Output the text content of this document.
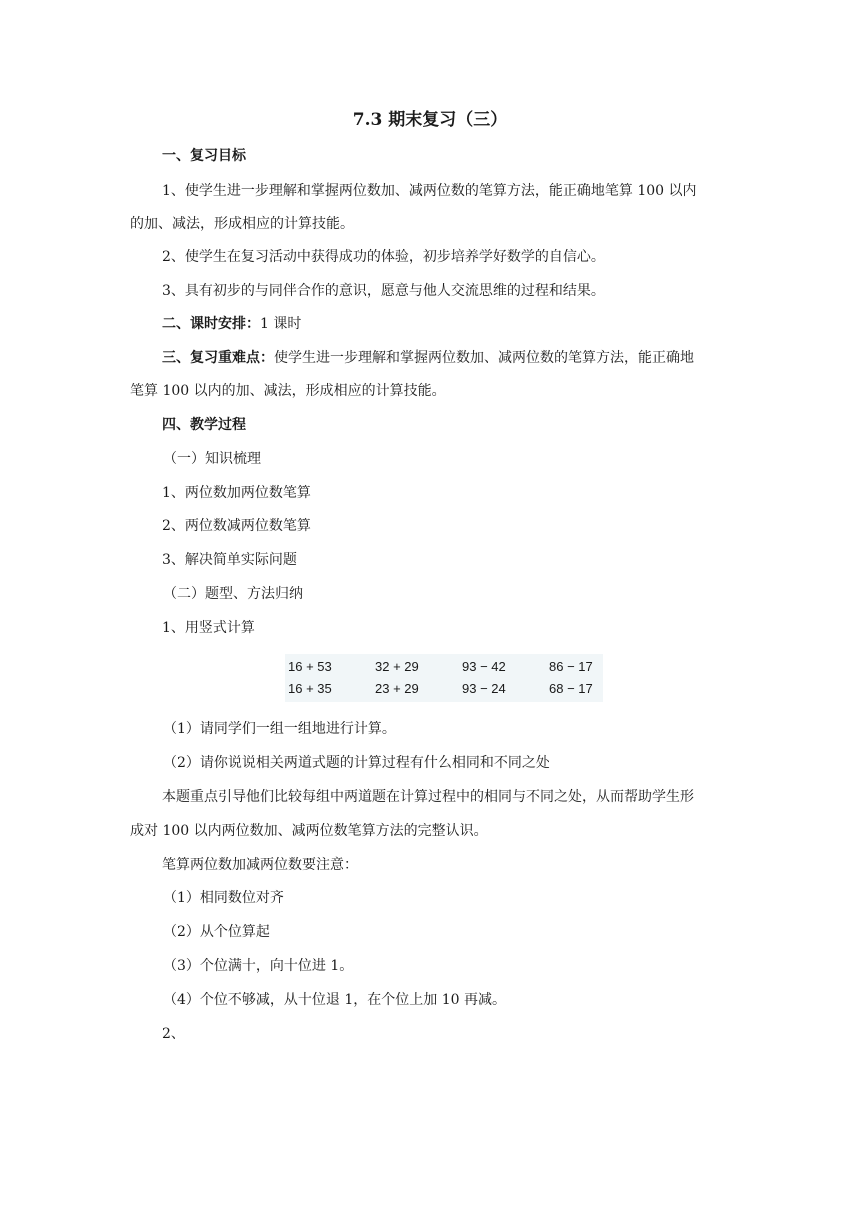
7.3 期末复习（三）
一、复习目标
1、使学生进一步理解和掌握两位数加、减两位数的笔算方法，能正确地笔算 100 以内
的加、减法，形成相应的计算技能。
2、使学生在复习活动中获得成功的体验，初步培养学好数学的自信心。
3、具有初步的与同伴合作的意识，愿意与他人交流思维的过程和结果。
二、课时安排：1 课时
三、复习重难点：使学生进一步理解和掌握两位数加、减两位数的笔算方法，能正确地
笔算 100 以内的加、减法，形成相应的计算技能。
四、教学过程
（一）知识梳理
1、两位数加两位数笔算
2、两位数减两位数笔算
3、解决简单实际问题
（二）题型、方法归纳
1、用竖式计算
16 + 53	32 + 29	93 − 42	86 − 17
16 + 35	23 + 29	93 − 24	68 − 17
（1）请同学们一组一组地进行计算。
（2）请你说说相关两道式题的计算过程有什么相同和不同之处
本题重点引导他们比较每组中两道题在计算过程中的相同与不同之处，从而帮助学生形
成对 100 以内两位数加、减两位数笔算方法的完整认识。
笔算两位数加减两位数要注意：
（1）相同数位对齐
（2）从个位算起
（3）个位满十，向十位进 1。
（4）个位不够减，从十位退 1，在个位上加 10 再减。
2、
